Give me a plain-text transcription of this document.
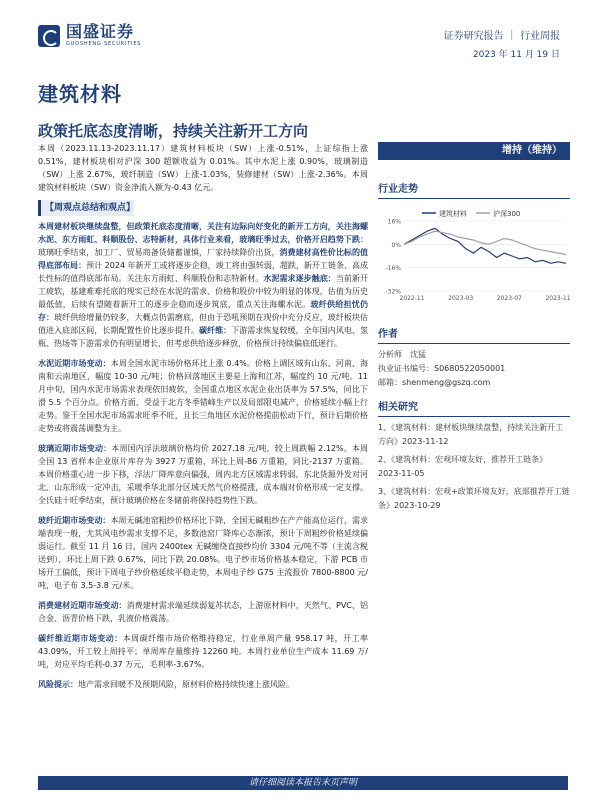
国盛证券
GUOSHENG SECURITIES
证券研究报告 ｜ 行业周报
2023 年 11 月 19 日
建筑材料
政策托底态度清晰，持续关注新开工方向

本周（2023.11.13-2023.11.17）建筑材料板块（SW）上涨-0.51%，上证综指上涨 0.51%，建材板块相对沪深 300 超额收益为 0.01%。其中水泥上涨 0.90%，玻璃制造（SW）上涨 2.67%，玻纤制造（SW）上涨-1.03%，装修建材（SW）上涨-2.36%。本周建筑材料板块（SW）资金净流入额为-0.43 亿元。

【周观点总结和观点】

本周建材板块继续盘整，但政策托底态度清晰，关注有边际向好变化的新开工方向，关注海螺水泥、东方雨虹、科顺股份、志特新材，具体行业来看，玻璃旺季过去，价格开启趋势下跌：玻璃旺季结束，加工厂、贸易商备货储蓄谨慎，厂家持续降价出货，消费建材高性价比标的值得底部布局：预计 2024 年新开工或将逐步企稳，竣工将由强转弱，超跌，新开工链条、高成长性标的值得底部布局。关注东方雨虹、科顺股份和志特新材。水泥需求逐步触底：当前新开工疲软，基建难难托底的现实已经在水泥的需求、价格和股价中较为明显的体现，估值为历史最低值，后续有望随着新开工的逐步企稳而逐步筑底，重点关注海螺水泥。玻纤供给担忧仍存：玻纤供给增量仍较多，大概点仍需磨底，但由于恐吼预期在现价中充分反应，玻纤板块估值进入底部区间，长期配置性价比逐步提升。碳纤维：下游需求恢复较缓，全年国内风电、氢瓶、热场等下游需求仍有明显增长，但考虑供给逐步释放，价格预计持续偏底低迷行。

水泥近期市场变动：本周全国水泥市场价格环比上涨 0.4%。价格上调区域有山东、河南、海南和云南地区，幅度 10-30 元/吨；价格回落地区主要是上海和江苏，幅度约 10 元/吨。11 月中旬，国内水泥市场需求表现依旧疲软，全国重点地区水泥企业出货率为 57.5%，同比下滑 5.5 个百分点。价格方面，受益于北方冬季错峰生产以及局部限电减产，价格延续小幅上行走势。鉴于全国水泥市场需求旺季不旺，且长三角地区水泥价格提前松动下行，预计后期价格走势或将震荡调整为主。

玻璃近期市场变动：本周国内浮法玻璃价格均价 2027.18 元/吨，较上周跌幅 2.12%。本周全国 13 省样本企业原片库存为 3927 万重箱，环比上周-86 万重箱，同比-2137 万重箱。本周价格重心进一步下移，浮法厂降库意向偏强，周内北方区域需求转弱，东北货源外发对河北、山东形成一定冲击，采暖季华北部分区域天然气价格提涨，成本端对价格形成一定支撑。全氏硅十旺季结束，预计玻璃价格在冬储前将保持趋势性下跌。

玻纤近期市场变动：本周无碱池窑粗纱价格环比下降，全国无碱粗纱在产产能高位运行，需求端表现一般，尤其风电纱需求支撑不足，多数池窑厂降库心态渐浓，预计下周粗纱价格延续偏弱运行。截至 11 月 16 日，国内 2400tex 无碱缠绕直接纱均价 3304 元/吨不等（主流含税送到），环比上周下跌 0.67%，同比下跌 20.08%。电子纱市场价格基本稳定，下游 PCB 市场开工偏低，预计下周电子纱价格延续平稳走势，本周电子纱 G75 主流报价 7800-8800 元/吨，电子布 3.5-3.8 元/米。

消费建材近期市场变动：消费建材需求端延续弱复苏状态，上游原材料中，天然气、PVC、铝合金、沥青价格下跌，乳液价格震荡。

碳纤维近期市场变动：本周碳纤维市场价格维持稳定，行业单周产量 958.17 吨，开工率 43.09%，开工较上周持平；单周库存量维持 12260 吨。本周行业单位生产成本 11.69 万/吨，对应平均毛利-0.37 万元，毛利率-3.67%。

风险提示：地产需求回暖不及预期风险，原材料价格持续快速上涨风险。

增持（维持）
行业走势
16%
0%
-16%
-32%
2022-11	2023-03	2023-07	2023-11
建筑材料	沪深300
作者
分析师　 沈猛
执业证书编号：S0680522050001
邮箱：shenmeng@gszq.com
相关研究
1、《建筑材料：建材板块继续盘整，持续关注新开工方向》2023-11-12
2、《建筑材料：宏观环境友好，推荐开工链条》2023-11-05
3、《建筑材料：宏观+政策环境友好，底部推荐开工链条》2023-10-29
请仔细阅读本报告末页声明
